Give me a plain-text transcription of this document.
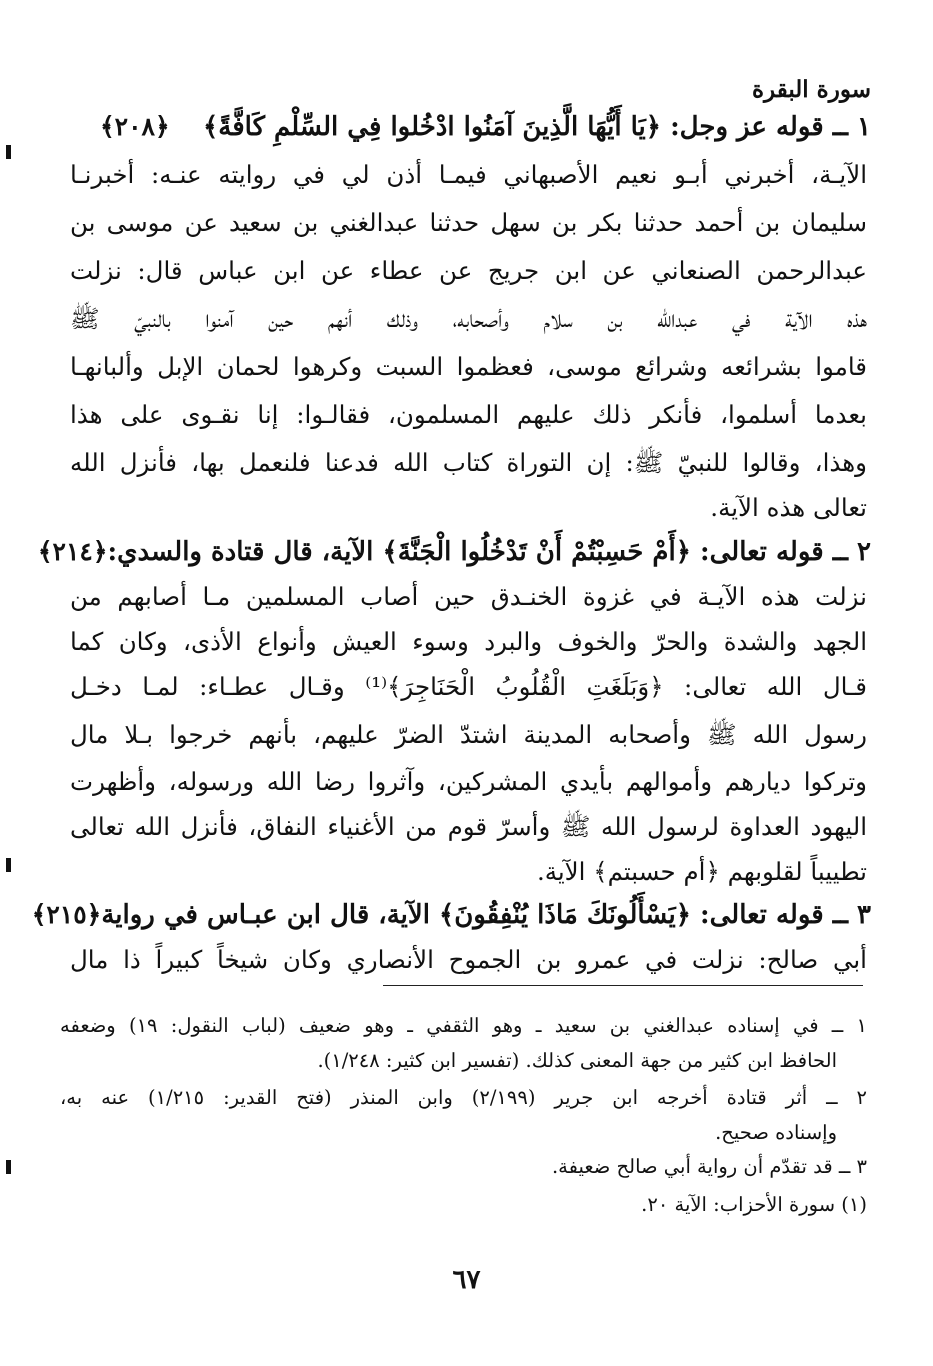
سورة البقرة
١ ــ قوله عز وجل: ﴿يَا أَيُّهَا الَّذِينَ آمَنُوا ادْخُلوا فِي السِّلْمِ كَافَّةً﴾
﴿٢٠٨﴾
الآيـة، أخبرني أبـو نعيم الأصبهاني فيمـا أذن لي في روايته عنـه: أخبرنـا
سليمان بن أحمد حدثنا بكر بن سهل حدثنا عبدالغني بن سعيد عن موسى بن
عبدالرحمن الصنعاني عن ابن جريج عن عطاء عن ابن عباس قال: نزلت
هذه الآية في عبدالله بن سلام وأصحابه، وذلك أنهم حين آمنوا بالنبيّ ﷺ
قاموا بشرائعه وشرائع موسى، فعظموا السبت وكرهوا لحمان الإبل وألبانهـا
بعدما أسلموا، فأنكر ذلك عليهم المسلمون، فقالـوا: إنا نقـوى على هذا
وهذا، وقالوا للنبيّ ﷺ: إن التوراة كتاب الله فدعنا فلنعمل بها، فأنزل الله
تعالى هذه الآية.
٢ ــ قوله تعالى: ﴿أَمْ حَسِبْتُمْ أَنْ تَدْخُلُوا الْجَنَّةَ﴾ الآية، قال قتادة والسدي:
﴿٢١٤﴾
نزلت هذه الآيـة في غزوة الخنـدق حين أصاب المسلمين مـا أصابهم من
الجهد والشدة والحرّ والخوف والبرد وسوء العيش وأنواع الأذى، وكان كما
قـال الله تعالى: ﴿وَبَلَغَتِ الْقُلُوبُ الْحَنَاجِرَ﴾⁽¹⁾ وقـال عطـاء: لمـا دخـل
رسول الله ﷺ وأصحابه المدينة اشتدّ الضرّ عليهم، بأنهم خرجوا بـلا مال
وتركوا ديارهم وأموالهم بأيدي المشركين، وآثروا رضا الله ورسوله، وأظهرت
اليهود العداوة لرسول الله ﷺ وأسرّ قوم من الأغنياء النفاق، فأنزل الله تعالى
تطييباً لقلوبهم ﴿أم حسبتم﴾ الآية.
٣ ــ قوله تعالى: ﴿يَسْأَلُونَكَ مَاذَا يُنْفِقُونَ﴾ الآية، قال ابن عبـاس في رواية
﴿٢١٥﴾
أبي صالح: نزلت في عمرو بن الجموح الأنصاري وكان شيخاً كبيراً ذا مال
١ ــ في إسناده عبدالغني بن سعيد ـ وهو الثقفي ـ وهو ضعيف (لباب النقول: ١٩) وضعفه
الحافظ ابن كثير من جهة المعنى كذلك. (تفسير ابن كثير: ١/٢٤٨).
٢ ــ أثر قتادة أخرجه ابن جرير (٢/١٩٩) وابن المنذر (فتح القدير: ١/٢١٥) عنه به،
وإسناده صحيح.
٣ ــ قد تقدّم أن رواية أبي صالح ضعيفة.
(١) سورة الأحزاب: الآية ٢٠.
٦٧
